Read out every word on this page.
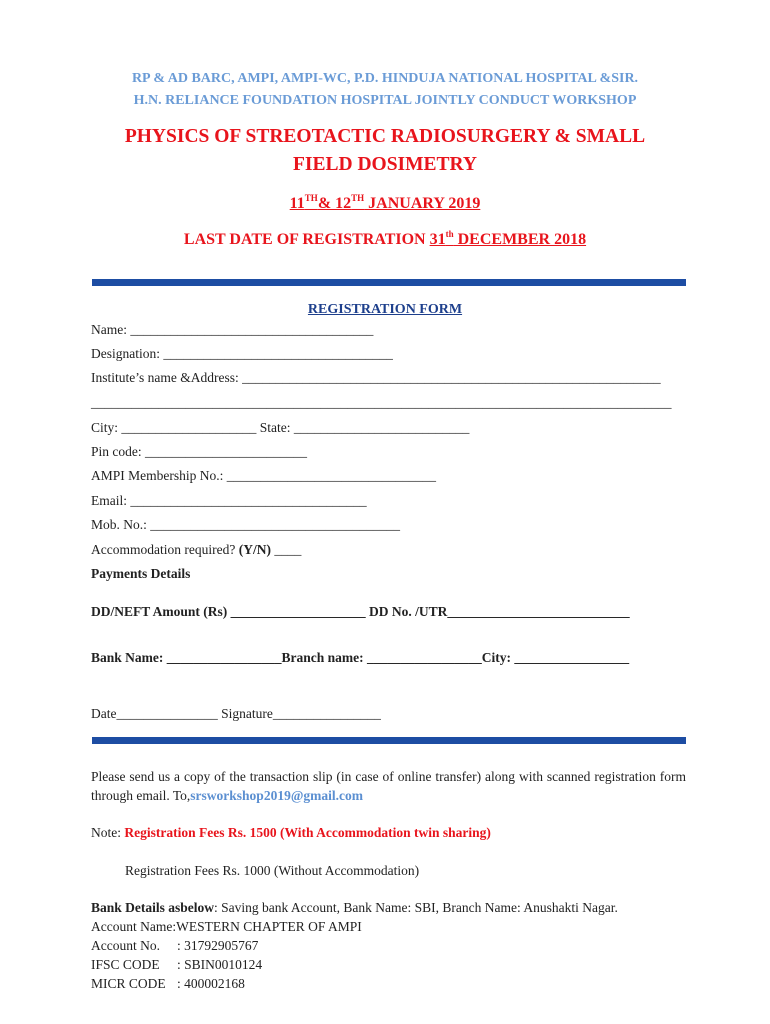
RP & AD BARC, AMPI, AMPI-WC, P.D. HINDUJA NATIONAL HOSPITAL &SIR.
H.N. RELIANCE FOUNDATION HOSPITAL JOINTLY CONDUCT WORKSHOP
PHYSICS OF STREOTACTIC RADIOSURGERY & SMALL
FIELD DOSIMETRY
11TH& 12TH JANUARY 2019
LAST DATE OF REGISTRATION 31th DECEMBER 2018
REGISTRATION FORM
Name: ____________________________________
Designation: __________________________________
Institute’s name &Address: ______________________________________________________________
______________________________________________________________________________________
City: ____________________ State: __________________________
Pin code: ________________________
AMPI Membership No.: _______________________________
Email: ___________________________________
Mob. No.: _____________________________________
Accommodation required? (Y/N) ____
Payments Details
DD/NEFT Amount (Rs) ____________________ DD No. /UTR___________________________
Bank Name: _________________Branch name: _________________City: _________________
Date_______________ Signature________________
Please send us a copy of the transaction slip (in case of online transfer) along with scanned registration form through email. To,srsworkshop2019@gmail.com
Note: Registration Fees Rs. 1500 (With Accommodation twin sharing)
Registration Fees Rs. 1000 (Without Accommodation)
Bank Details asbelow: Saving bank Account, Bank Name: SBI, Branch Name: Anushakti Nagar.
Account Name:WESTERN CHAPTER OF AMPI
Account No. : 31792905767
IFSC CODE : SBIN0010124
MICR CODE : 400002168
